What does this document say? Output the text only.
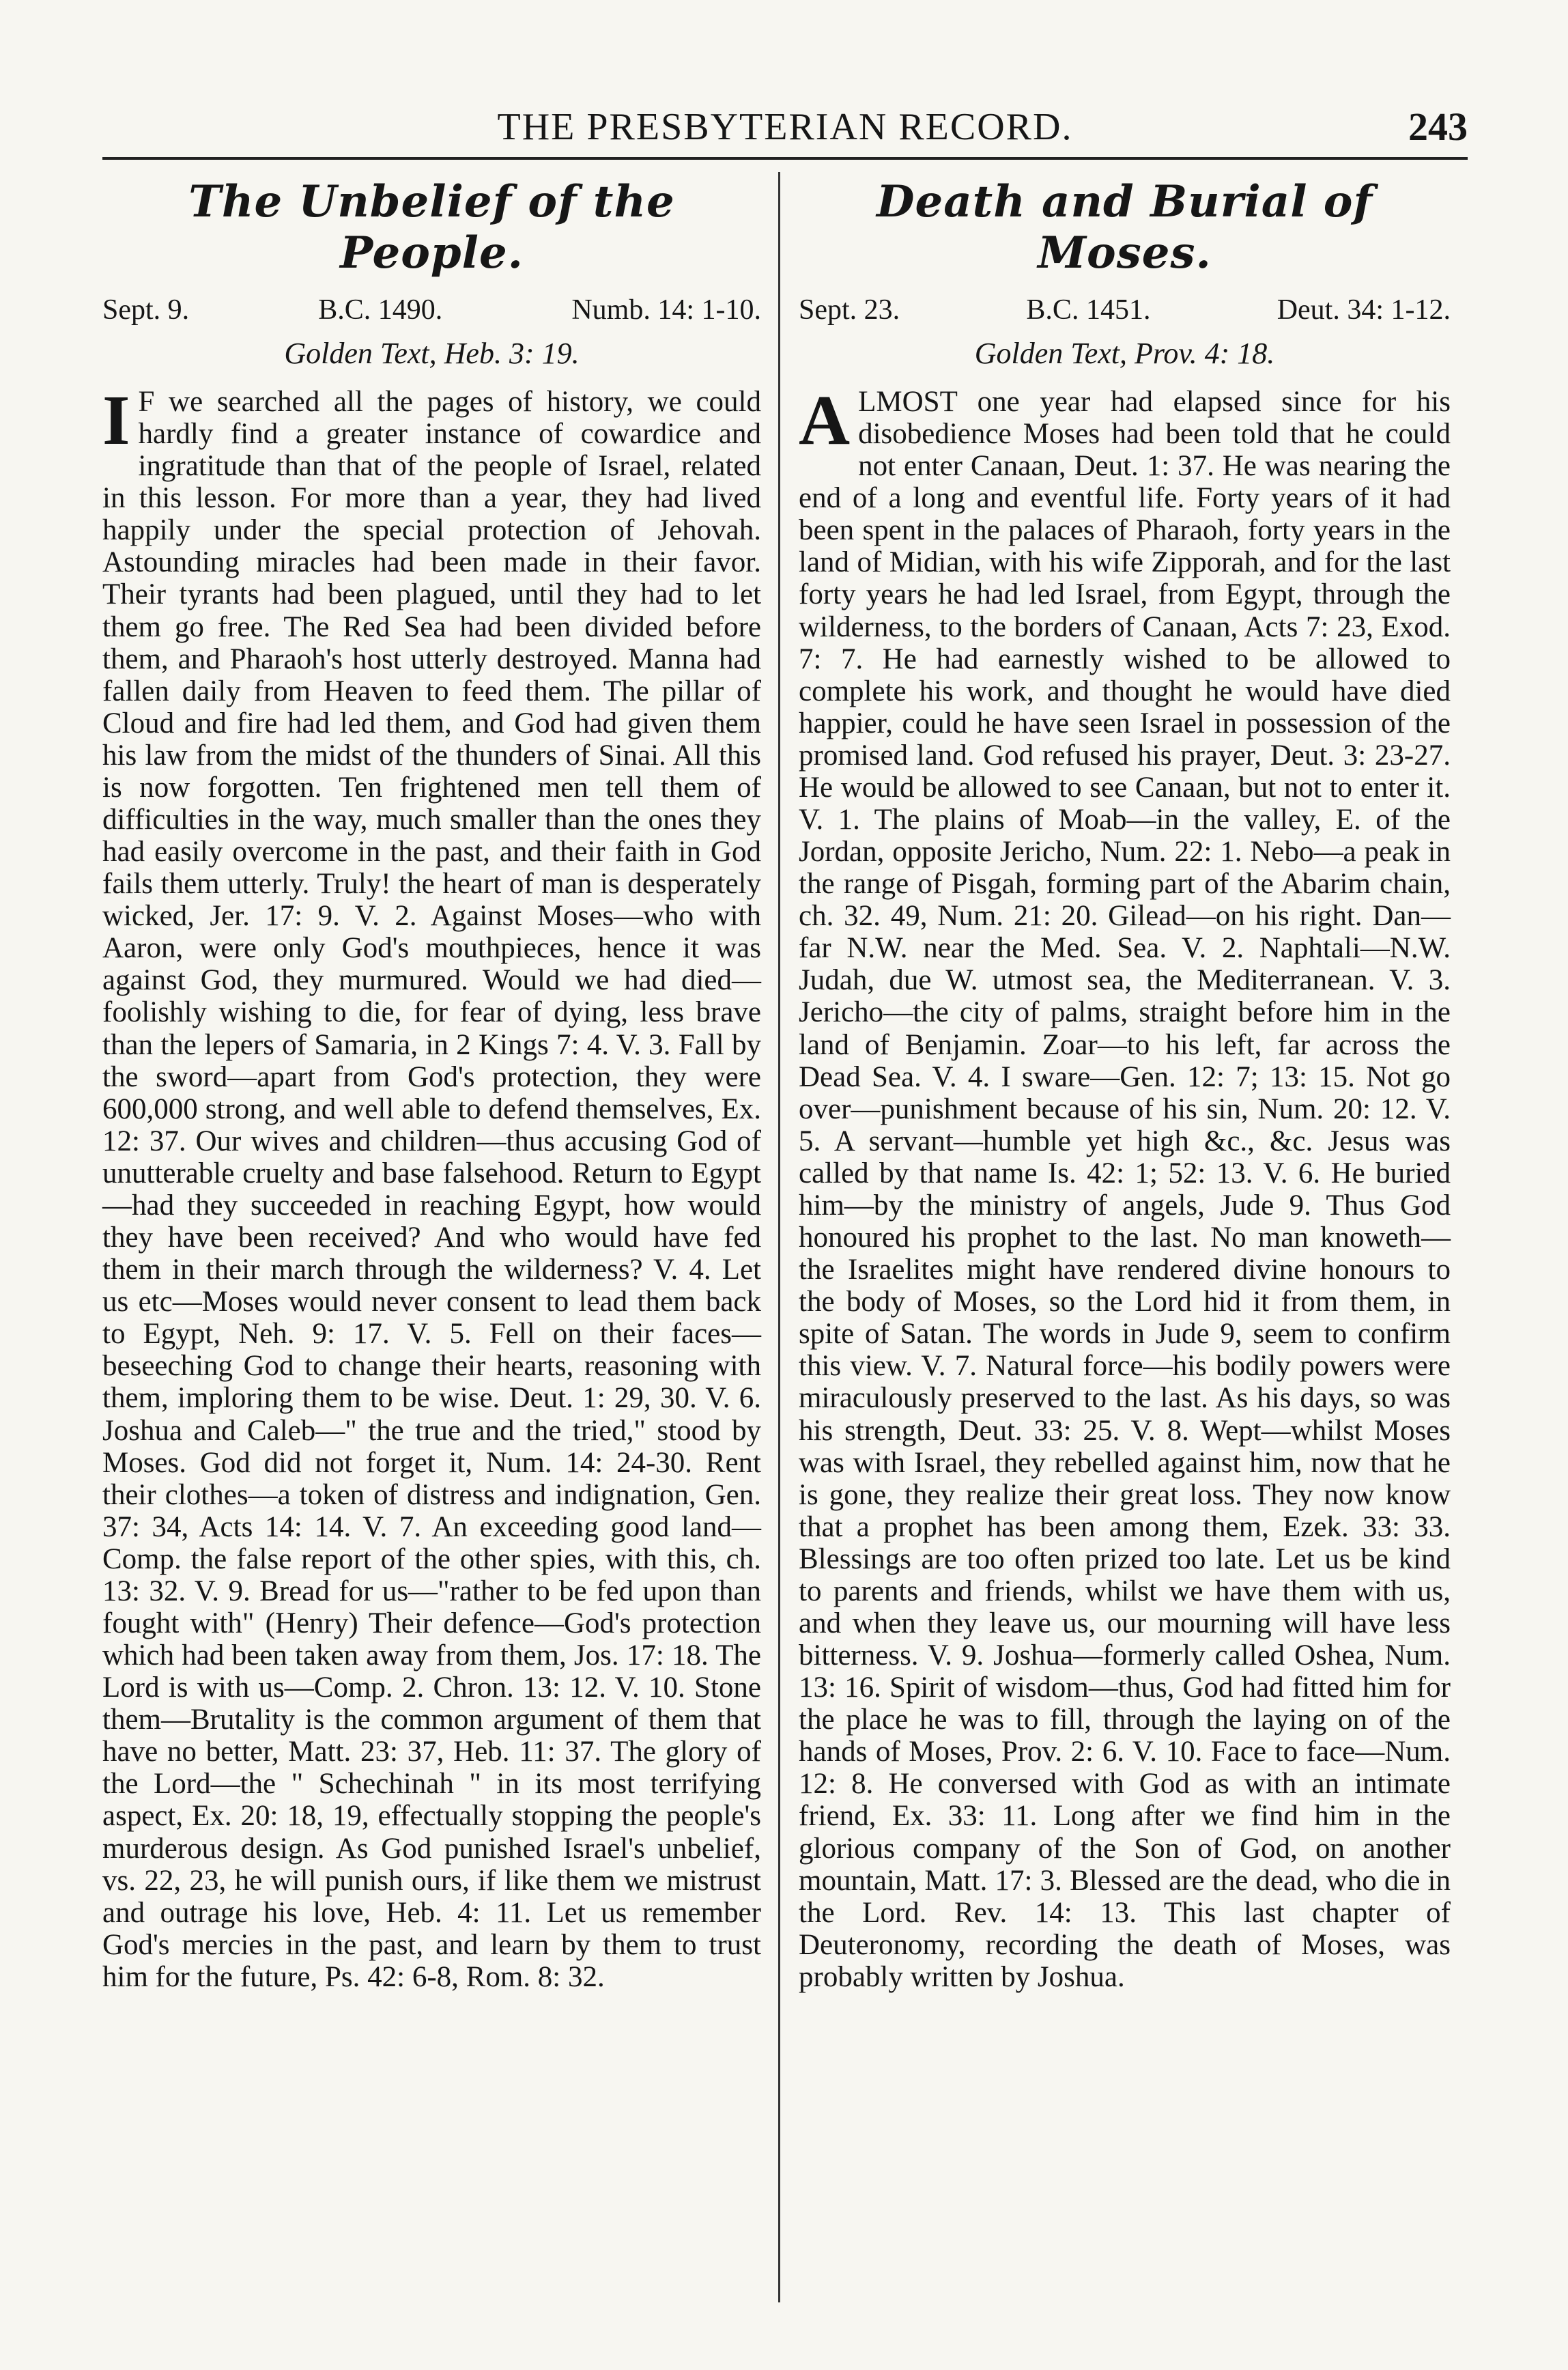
THE PRESBYTERIAN RECORD.	243
The Unbelief of the People.
Sept. 9.	B.C. 1490.	Numb. 14: 1-10.
Golden Text, Heb. 3: 19.

I F we searched all the pages of history, we could hardly find a greater instance of cowardice and ingratitude than that of the people of Israel, related in this lesson. For more than a year, they had lived happily under the special protection of Jehovah. Astounding miracles had been made in their favor. Their tyrants had been plagued, until they had to let them go free. The Red Sea had been divided before them, and Pharaoh's host utterly destroyed. Manna had fallen daily from Heaven to feed them. The pillar of Cloud and fire had led them, and God had given them his law from the midst of the thunders of Sinai. All this is now forgotten. Ten frightened men tell them of difficulties in the way, much smaller than the ones they had easily overcome in the past, and their faith in God fails them utterly. Truly! the heart of man is desperately wicked, Jer. 17: 9. V. 2. Against Moses—who with Aaron, were only God's mouthpieces, hence it was against God, they murmured. Would we had died—foolishly wishing to die, for fear of dying, less brave than the lepers of Samaria, in 2 Kings 7: 4. V. 3. Fall by the sword—apart from God's protection, they were 600,000 strong, and well able to defend themselves, Ex. 12: 37. Our wives and children—thus accusing God of unutterable cruelty and base falsehood. Return to Egypt—had they succeeded in reaching Egypt, how would they have been received? And who would have fed them in their march through the wilderness? V. 4. Let us etc—Moses would never consent to lead them back to Egypt, Neh. 9: 17. V. 5. Fell on their faces—beseeching God to change their hearts, reasoning with them, imploring them to be wise. Deut. 1: 29, 30. V. 6. Joshua and Caleb—" the true and the tried," stood by Moses. God did not forget it, Num. 14: 24-30. Rent their clothes—a token of distress and indignation, Gen. 37: 34, Acts 14: 14. V. 7. An exceeding good land—Comp. the false report of the other spies, with this, ch. 13: 32. V. 9. Bread for us—"rather to be fed upon than fought with" (Henry) Their defence—God's protection which had been taken away from them, Jos. 17: 18. The Lord is with us—Comp. 2. Chron. 13: 12. V. 10. Stone them—Brutality is the common argument of them that have no better, Matt. 23: 37, Heb. 11: 37. The glory of the Lord—the " Schechinah " in its most terrifying aspect, Ex. 20: 18, 19, effectually stopping the people's murderous design. As God punished Israel's unbelief, vs. 22, 23, he will punish ours, if like them we mistrust and outrage his love, Heb. 4: 11. Let us remember God's mercies in the past, and learn by them to trust him for the future, Ps. 42: 6-8, Rom. 8: 32.

Death and Burial of Moses.
Sept. 23.	B.C. 1451.	Deut. 34: 1-12.
Golden Text, Prov. 4: 18.

ALMOST one year had elapsed since for his disobedience Moses had been told that he could not enter Canaan, Deut. 1: 37. He was nearing the end of a long and eventful life. Forty years of it had been spent in the palaces of Pharaoh, forty years in the land of Midian, with his wife Zipporah, and for the last forty years he had led Israel, from Egypt, through the wilderness, to the borders of Canaan, Acts 7: 23, Exod. 7: 7. He had earnestly wished to be allowed to complete his work, and thought he would have died happier, could he have seen Israel in possession of the promised land. God refused his prayer, Deut. 3: 23-27. He would be allowed to see Canaan, but not to enter it. V. 1. The plains of Moab—in the valley, E. of the Jordan, opposite Jericho, Num. 22: 1. Nebo—a peak in the range of Pisgah, forming part of the Abarim chain, ch. 32. 49, Num. 21: 20. Gilead—on his right. Dan—far N.W. near the Med. Sea. V. 2. Naphtali—N.W. Judah, due W. utmost sea, the Mediterranean. V. 3. Jericho—the city of palms, straight before him in the land of Benjamin. Zoar—to his left, far across the Dead Sea. V. 4. I sware—Gen. 12: 7; 13: 15. Not go over—punishment because of his sin, Num. 20: 12. V. 5. A servant—humble yet high &c., &c. Jesus was called by that name Is. 42: 1; 52: 13. V. 6. He buried him—by the ministry of angels, Jude 9. Thus God honoured his prophet to the last. No man knoweth—the Israelites might have rendered divine honours to the body of Moses, so the Lord hid it from them, in spite of Satan. The words in Jude 9, seem to confirm this view. V. 7. Natural force—his bodily powers were miraculously preserved to the last. As his days, so was his strength, Deut. 33: 25. V. 8. Wept—whilst Moses was with Israel, they rebelled against him, now that he is gone, they realize their great loss. They now know that a prophet has been among them, Ezek. 33: 33. Blessings are too often prized too late. Let us be kind to parents and friends, whilst we have them with us, and when they leave us, our mourning will have less bitterness. V. 9. Joshua—formerly called Oshea, Num. 13: 16. Spirit of wisdom—thus, God had fitted him for the place he was to fill, through the laying on of the hands of Moses, Prov. 2: 6. V. 10. Face to face—Num. 12: 8. He conversed with God as with an intimate friend, Ex. 33: 11. Long after we find him in the glorious company of the Son of God, on another mountain, Matt. 17: 3. Blessed are the dead, who die in the Lord. Rev. 14: 13. This last chapter of Deuteronomy, recording the death of Moses, was probably written by Joshua.
